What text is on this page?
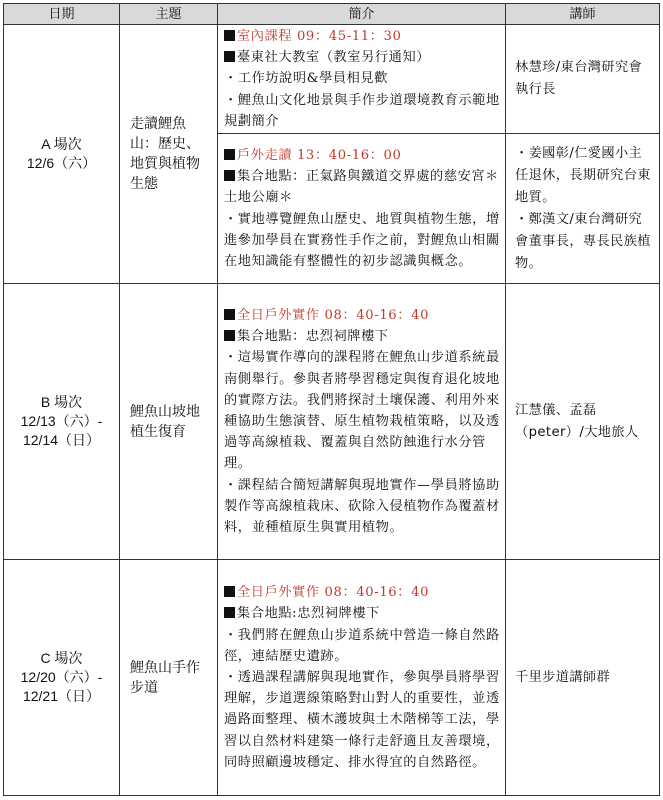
日期	主題	簡介	講師

A 場次
12/6（六）	走讀鯉魚山：歷史、地質與植物生態	室內課程 09：45-11：30
臺東社大教室（教室另行通知）
・工作坊說明&學員相見歡
・鯉魚山文化地景與手作步道環境教育示範地規劃簡介	林慧珍/東台灣研究會執行長

		戶外走讀 13：40-16：00
集合地點：正氣路與鐵道交界處的慈安宮＊土地公廟＊
・實地導覽鯉魚山歷史、地質與植物生態，增進參加學員在實務性手作之前，對鯉魚山相關在地知識能有整體性的初步認識與概念。	・姜國彰/仁愛國小主任退休，長期研究台東地質。
・鄭漢文/東台灣研究會董事長，專長民族植物。

B 場次
12/13（六）-
12/14（日）	鯉魚山坡地植生復育	全日戶外實作 08：40-16：40
集合地點：忠烈祠牌樓下
・這場實作導向的課程將在鯉魚山步道系統最南側舉行。參與者將學習穩定與復育退化坡地的實際方法。我們將探討土壤保護、利用外來種協助生態演替、原生植物栽植策略，以及透過等高線植栽、覆蓋與自然防蝕進行水分管理。
・課程結合簡短講解與現地實作—學員將協助製作等高線植栽床、砍除入侵植物作為覆蓋材料，並種植原生與實用植物。	江慧儀、孟磊（peter）/大地旅人

C 場次
12/20（六）-
12/21（日）	鯉魚山手作步道	全日戶外實作 08：40-16：40
集合地點:忠烈祠牌樓下
・我們將在鯉魚山步道系統中營造一條自然路徑，連結歷史遺跡。
・透過課程講解與現地實作，參與學員將學習理解，步道選線策略對山對人的重要性，並透過路面整理、橫木護坡與土木階梯等工法，學習以自然材料建築一條行走舒適且友善環境，同時照顧邊坡穩定、排水得宜的自然路徑。	千里步道講師群
